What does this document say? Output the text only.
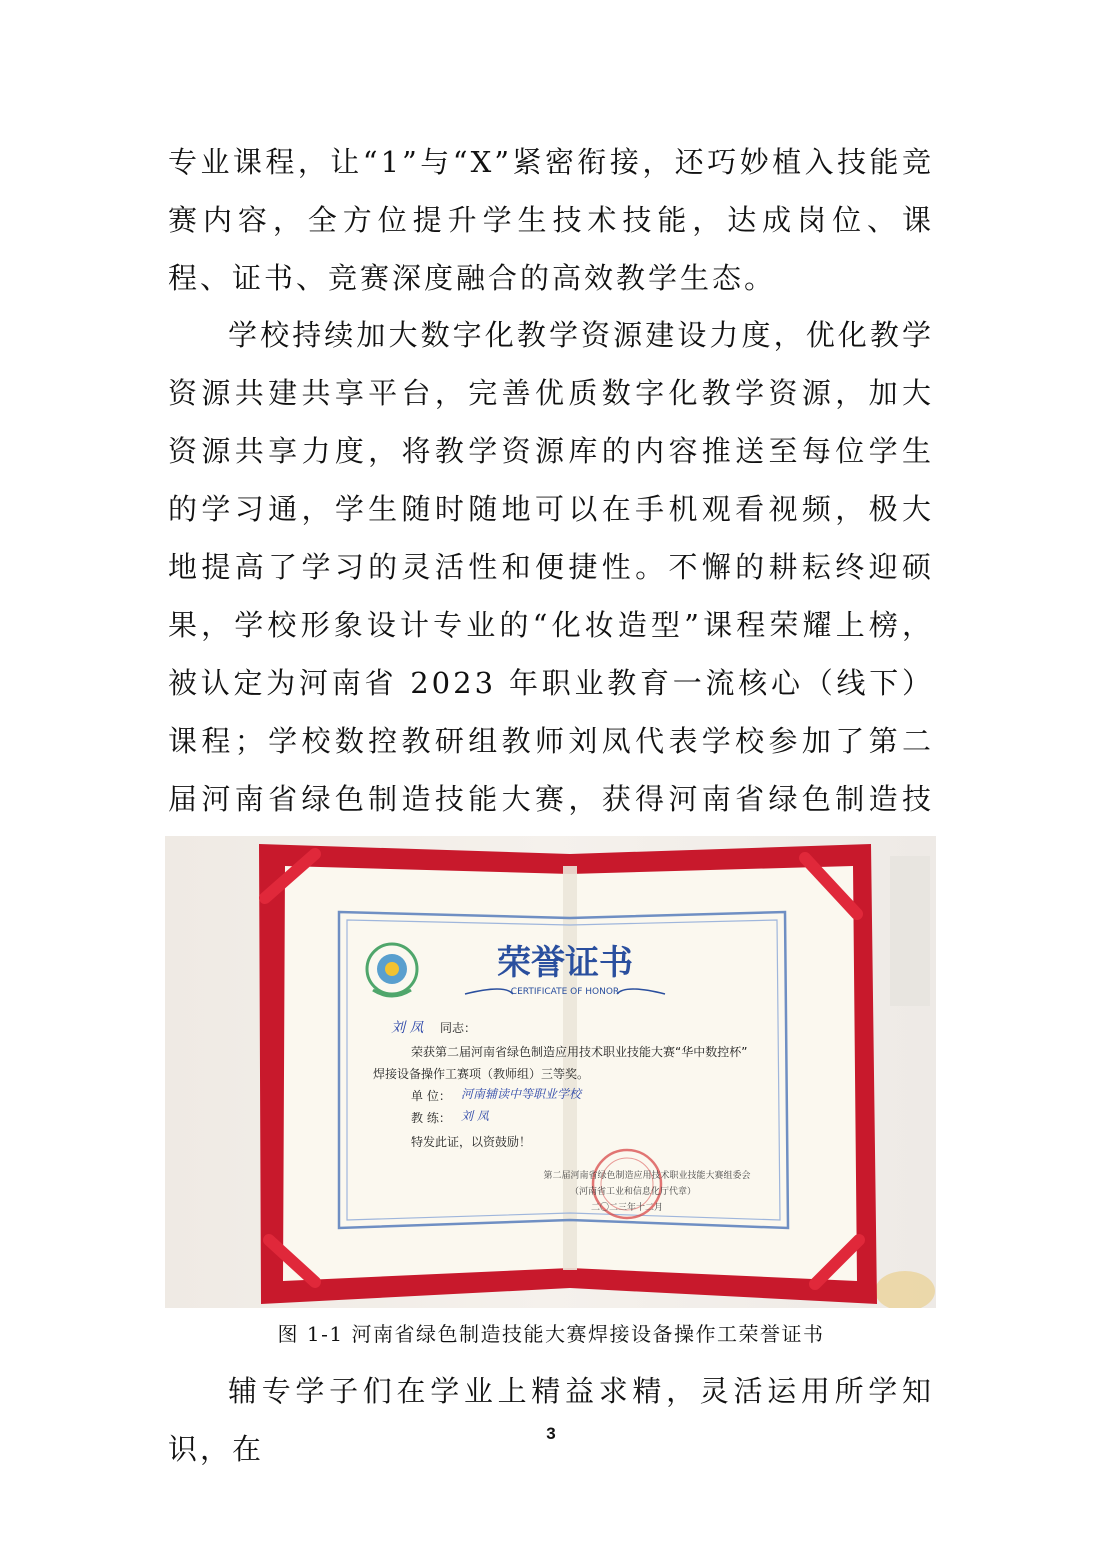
专业课程，让“1”与“X”紧密衔接，还巧妙植入技能竞赛内容，全方位提升学生技术技能，达成岗位、课程、证书、竞赛深度融合的高效教学生态。

学校持续加大数字化教学资源建设力度，优化教学资源共建共享平台，完善优质数字化教学资源，加大资源共享力度，将教学资源库的内容推送至每位学生的学习通，学生随时随地可以在手机观看视频，极大地提高了学习的灵活性和便捷性。不懈的耕耘终迎硕果，学校形象设计专业的“化妆造型”课程荣耀上榜，被认定为河南省 2023 年职业教育一流核心（线下）课程；学校数控教研组教师刘凤代表学校参加了第二届河南省绿色制造技能大赛，获得河南省绿色制造技

荣誉证书
CERTIFICATE OF HONOR
刘 凤 同志：
荣获第二届河南省绿色制造应用技术职业技能大赛“华中数控杯”
焊接设备操作工赛项（教师组）三等奖。
单 位： 河南辅读中等职业学校
教 练： 刘 凤
特发此证，以资鼓励！
第二届河南省绿色制造应用技术职业技能大赛组委会
（河南省工业和信息化厅代章）
二〇二三年十二月
图 1-1 河南省绿色制造技能大赛焊接设备操作工荣誉证书

辅专学子们在学业上精益求精，灵活运用所学知识，在	3
